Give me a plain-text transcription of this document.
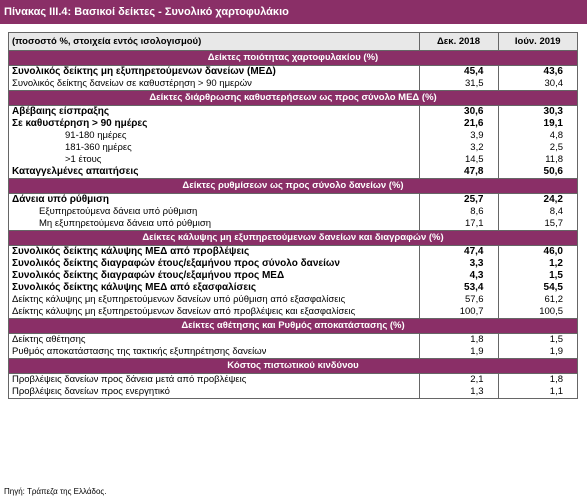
Πίνακας ΙΙΙ.4: Βασικοί δείκτες - Συνολικό χαρτοφυλάκιο
(ποσοστό %, στοιχεία εντός ισολογισμού)	Δεκ. 2018	Ιούν. 2019
Δείκτες ποιότητας χαρτοφυλακίου (%)		
Συνολικός δείκτης μη εξυπηρετούμενων δανείων (ΜΕΔ)	45,4	43,6
Συνολικός δείκτης δανείων σε καθυστέρηση > 90 ημερών	31,5	30,4
Δείκτες διάρθρωσης καθυστερήσεων ως προς σύνολο ΜΕΔ (%)		
Αβέβαιης είσπραξης	30,6	30,3
Σε καθυστέρηση > 90 ημέρες	21,6	19,1
91-180 ημέρες	3,9	4,8
181-360 ημέρες	3,2	2,5
>1 έτους	14,5	11,8
Καταγγελμένες απαιτήσεις	47,8	50,6
Δείκτες ρυθμίσεων ως προς σύνολο δανείων (%)		
Δάνεια υπό ρύθμιση	25,7	24,2
Εξυπηρετούμενα δάνεια υπό ρύθμιση	8,6	8,4
Μη εξυπηρετούμενα δάνεια υπό ρύθμιση	17,1	15,7
Δείκτες κάλυψης μη εξυπηρετούμενων δανείων και διαγραφών (%)		
Συνολικός δείκτης κάλυψης ΜΕΔ από προβλέψεις	47,4	46,0
Συνολικός δείκτης διαγραφών έτους/εξαμήνου προς σύνολο δανείων	3,3	1,2
Συνολικός δείκτης διαγραφών έτους/εξαμήνου προς ΜΕΔ	4,3	1,5
Συνολικός δείκτης κάλυψης ΜΕΔ από εξασφαλίσεις	53,4	54,5
Δείκτης κάλυψης μη εξυπηρετούμενων δανείων υπό ρύθμιση από εξασφαλίσεις	57,6	61,2
Δείκτης κάλυψης μη εξυπηρετούμενων δανείων από προβλέψεις και εξασφαλίσεις	100,7	100,5
Δείκτες αθέτησης και Ρυθμός αποκατάστασης (%)		
Δείκτης αθέτησης	1,8	1,5
Ρυθμός αποκατάστασης της τακτικής εξυπηρέτησης δανείων	1,9	1,9
Κόστος πιστωτικού κινδύνου		
Προβλέψεις δανείων προς δάνεια μετά από προβλέψεις	2,1	1,8
Προβλέψεις δανείων προς ενεργητικό	1,3	1,1
Πηγή: Τράπεζα της Ελλάδος.
